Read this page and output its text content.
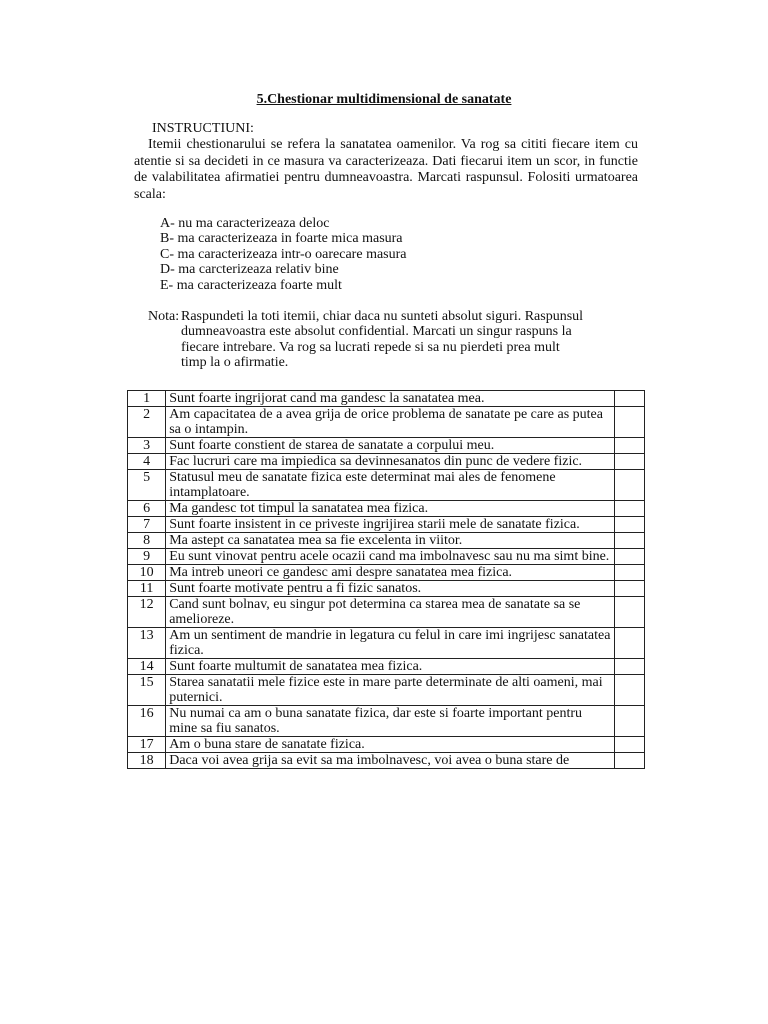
5.Chestionar multidimensional de sanatate
INSTRUCTIUNI:
Itemii chestionarului se refera la sanatatea oamenilor. Va rog sa cititi fiecare item cu atentie si sa decideti in ce masura va caracterizeaza. Dati fiecarui item un scor, in functie de valabilitatea afirmatiei pentru dumneavoastra. Marcati raspunsul. Folositi urmatoarea scala:
A- nu ma caracterizeaza deloc
B- ma caracterizeaza in foarte mica masura
C- ma caracterizeaza intr-o oarecare masura
D- ma carcterizeaza relativ bine
E- ma caracterizeaza foarte mult
Nota: Raspundeti la toti itemii, chiar daca nu sunteti absolut siguri. Raspunsul dumneavoastra este absolut confidential. Marcati un singur raspuns la fiecare intrebare. Va rog sa lucrati repede si sa nu pierdeti prea mult timp la o afirmatie.
1	Sunt foarte ingrijorat cand ma gandesc la sanatatea mea.	
2	Am capacitatea de a avea grija de orice problema de sanatate pe care as putea sa o intampin.	
3	Sunt foarte constient de starea de sanatate a corpului meu.	
4	Fac lucruri care ma impiedica sa devinnesanatos din punc de vedere fizic.	
5	Statusul meu de sanatate fizica este determinat mai ales de fenomene intamplatoare.	
6	Ma gandesc tot timpul la sanatatea mea fizica.	
7	Sunt foarte insistent in ce priveste ingrijirea starii mele de sanatate fizica.	
8	Ma astept ca sanatatea mea sa fie excelenta in viitor.	
9	Eu sunt vinovat pentru acele ocazii cand ma imbolnavesc sau nu ma simt bine.	
10	Ma intreb uneori ce gandesc ami despre sanatatea mea fizica.	
11	Sunt foarte motivate pentru a fi fizic sanatos.	
12	Cand sunt bolnav, eu singur pot determina ca starea mea de sanatate sa se amelioreze.	
13	Am un sentiment de mandrie in legatura cu felul in care imi ingrijesc sanatatea fizica.	
14	Sunt foarte multumit de sanatatea mea fizica.	
15	Starea sanatatii mele fizice este in mare parte determinate de alti oameni, mai puternici.	
16	Nu numai ca am o buna sanatate fizica, dar este si foarte important pentru mine sa fiu sanatos.	
17	Am o buna stare de sanatate fizica.	
18	Daca voi avea grija sa evit sa ma imbolnavesc, voi avea o buna stare de	
